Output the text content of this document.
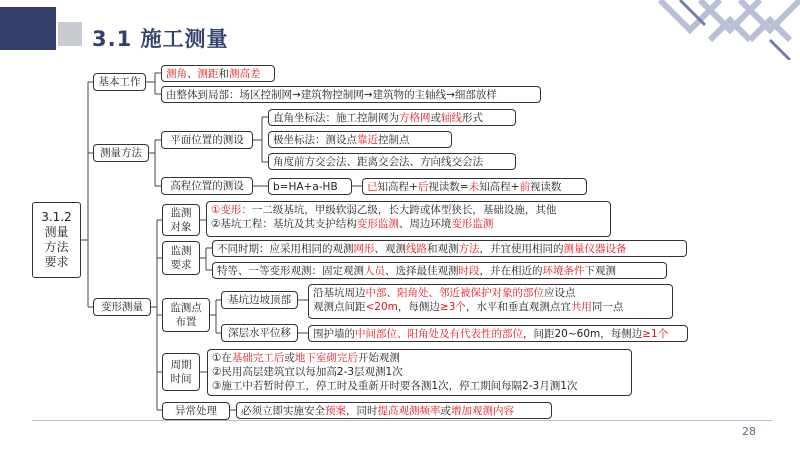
3.1 施工测量
3.1.2
测量
方法
要求
基本工作
测量方法
变形测量
测角、测距和测高差
由整体到局部：场区控制网→建筑物控制网→建筑物的主轴线→细部放样
平面位置的测设
直角坐标法：施工控制网为方格网或轴线形式
极坐标法：测设点靠近控制点
角度前方交会法、距离交会法、方向线交会法
高程位置的测设	b=HA+a-HB	已知高程+后视读数=未知高程+前视读数
监测对象
①变形：一二级基坑，甲级软弱乙级，长大跨或体型狭长，基础设施，其他
②基坑工程：基坑及其支护结构变形监测、周边环境变形监测
监测要求
不同时期：应采用相同的观测网形、观测线路和观测方法，并宜使用相同的测量仪器设备
特等、一等变形观测：固定观测人员、选择最佳观测时段，并在相近的环境条件下观测
监测点布置
基坑边坡顶部
沿基坑周边中部、阳角处、邻近被保护对象的部位应设点
观测点间距<20m，每侧边≥3个，水平和垂直观测点宜共用同一点
深层水平位移	围护墙的中间部位、阳角处及有代表性的部位，间距20~60m，每侧边≥1个
周期时间
①在基础完工后或地下室砌完后开始观测
②民用高层建筑宜以每加高2-3层观测1次
③施工中若暂时停工，停工时及重新开时要各测1次，停工期间每隔2-3月测1次
异常处理	必须立即实施安全预案，同时提高观测频率或增加观测内容
28
